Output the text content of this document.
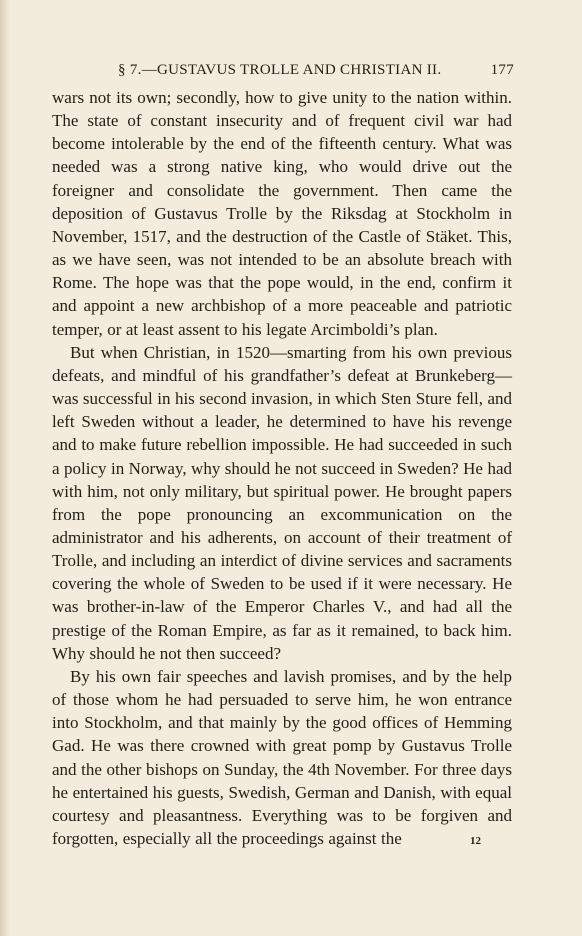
§ 7.—GUSTAVUS TROLLE AND CHRISTIAN II.	177

wars not its own; secondly, how to give unity to the nation within. The state of constant insecurity and of frequent civil war had become intolerable by the end of the fifteenth century. What was needed was a strong native king, who would drive out the foreigner and consolidate the government. Then came the deposition of Gustavus Trolle by the Riksdag at Stockholm in November, 1517, and the destruction of the Castle of Stäket. This, as we have seen, was not intended to be an absolute breach with Rome. The hope was that the pope would, in the end, confirm it and appoint a new archbishop of a more peaceable and patriotic temper, or at least assent to his legate Arcimboldi’s plan.

But when Christian, in 1520—smarting from his own previous defeats, and mindful of his grandfather’s defeat at Brunkeberg—was successful in his second invasion, in which Sten Sture fell, and left Sweden without a leader, he determined to have his revenge and to make future rebellion impossible. He had succeeded in such a policy in Norway, why should he not succeed in Sweden? He had with him, not only military, but spiritual power. He brought papers from the pope pronouncing an excommunication on the administrator and his adherents, on account of their treatment of Trolle, and including an interdict of divine services and sacraments covering the whole of Sweden to be used if it were necessary. He was brother-in-law of the Emperor Charles V., and had all the prestige of the Roman Empire, as far as it remained, to back him. Why should he not then succeed?

By his own fair speeches and lavish promises, and by the help of those whom he had persuaded to serve him, he won entrance into Stockholm, and that mainly by the good offices of Hemming Gad. He was there crowned with great pomp by Gustavus Trolle and the other bishops on Sunday, the 4th November. For three days he entertained his guests, Swedish, German and Danish, with equal courtesy and pleasantness. Everything was to be forgiven and forgotten, especially all the proceedings against the	12
